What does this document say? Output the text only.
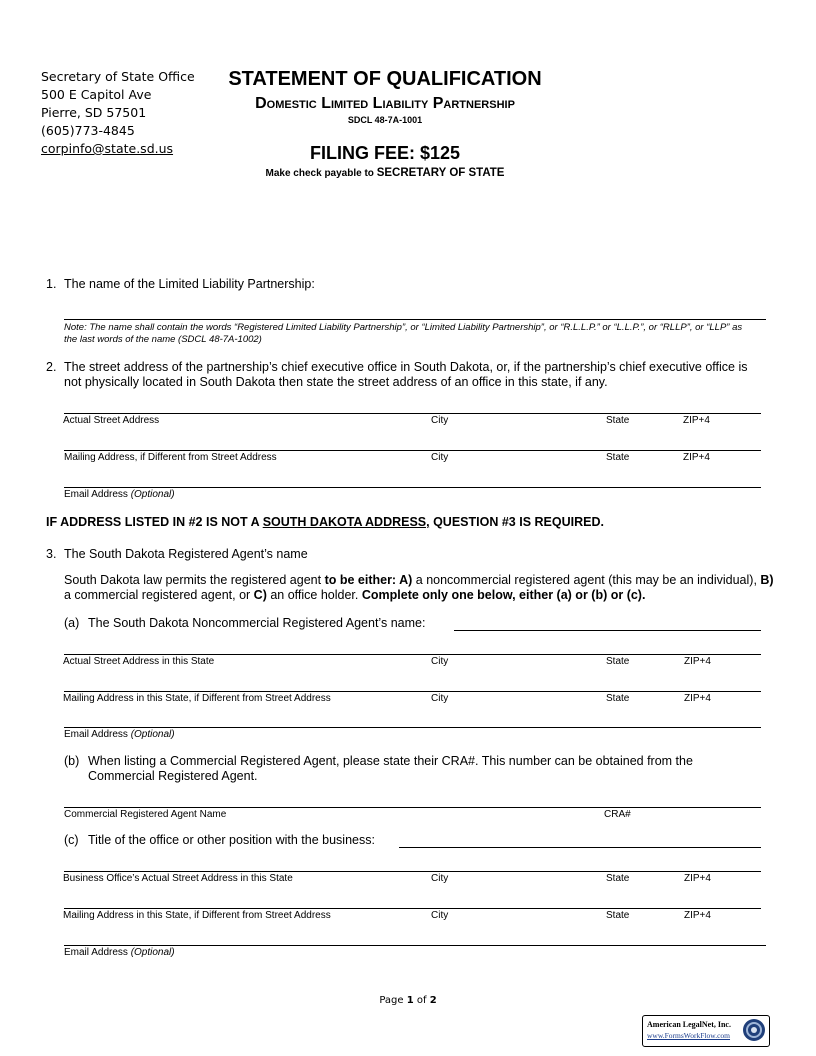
Secretary of State Office
500 E Capitol Ave
Pierre, SD 57501
(605)773-4845
corpinfo@state.sd.us
STATEMENT OF QUALIFICATION
Domestic Limited Liability Partnership
SDCL 48-7A-1001
FILING FEE: $125
Make check payable to SECRETARY OF STATE
1. The name of the Limited Liability Partnership:
Note: The name shall contain the words “Registered Limited Liability Partnership”, or “Limited Liability Partnership”, or “R.L.L.P.” or “L.L.P.”, or “RLLP”, or “LLP” as the last words of the name (SDCL 48-7A-1002)
2. The street address of the partnership’s chief executive office in South Dakota, or, if the partnership’s chief executive office is not physically located in South Dakota then state the street address of an office in this state, if any.
Actual Street Address	City	State	ZIP+4
Mailing Address, if Different from Street Address	City	State	ZIP+4
Email Address (Optional)
IF ADDRESS LISTED IN #2 IS NOT A SOUTH DAKOTA ADDRESS, QUESTION #3 IS REQUIRED.
3. The South Dakota Registered Agent’s name
South Dakota law permits the registered agent to be either: A) a noncommercial registered agent (this may be an individual), B) a commercial registered agent, or C) an office holder. Complete only one below, either (a) or (b) or (c).
(a) The South Dakota Noncommercial Registered Agent’s name:
Actual Street Address in this State	City	State	ZIP+4
Mailing Address in this State, if Different from Street Address	City	State	ZIP+4
Email Address (Optional)
(b) When listing a Commercial Registered Agent, please state their CRA#. This number can be obtained from the Commercial Registered Agent.
Commercial Registered Agent Name	CRA#
(c) Title of the office or other position with the business:
Business Office’s Actual Street Address in this State	City	State	ZIP+4
Mailing Address in this State, if Different from Street Address	City	State	ZIP+4
Email Address (Optional)
Page 1 of 2
American LegalNet, Inc.
www.FormsWorkFlow.com
